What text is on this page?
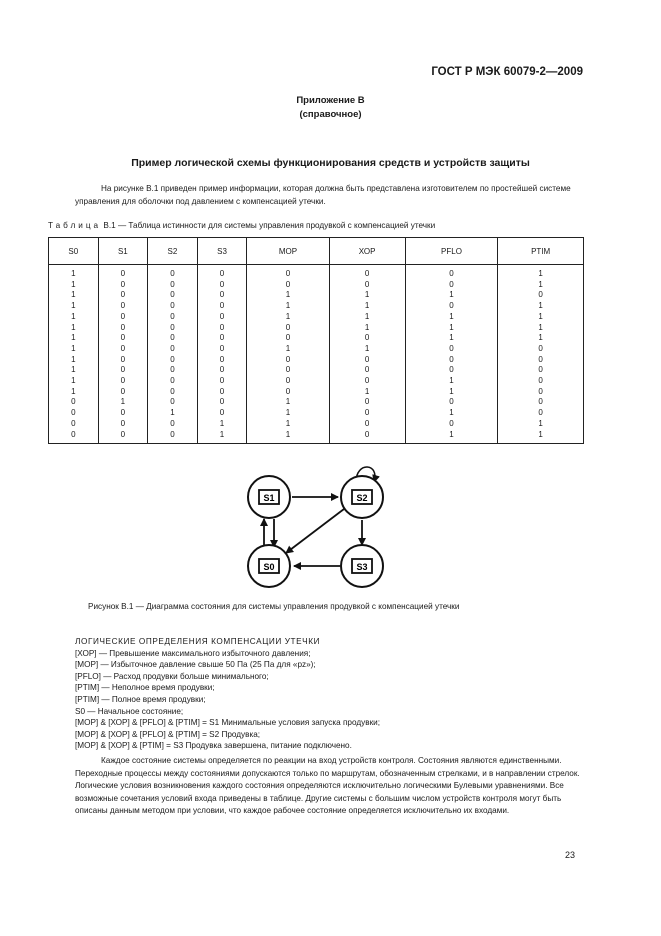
ГОСТ Р МЭК 60079-2—2009
Приложение В
(справочное)
Пример логической схемы функционирования средств и устройств защиты
На рисунке В.1 приведен пример информации, которая должна быть представлена изготовителем по простейшей системе управления для оболочки под давлением с компенсацией утечки.
Таблица В.1 — Таблица истинности для системы управления продувкой с компенсацией утечки
S0	S1	S2	S3	МОР	ХОР	PFLO	PTIM
1	0	0	0	0	0	0	1
1	0	0	0	0	0	0	1
1	0	0	0	1	1	1	0
1	0	0	0	1	1	0	1
1	0	0	0	1	1	1	1
1	0	0	0	0	1	1	1
1	0	0	0	0	0	1	1
1	0	0	0	1	1	0	0
1	0	0	0	0	0	0	0
1	0	0	0	0	0	0	0
1	0	0	0	0	0	1	0
1	0	0	0	0	1	1	0
0	1	0	0	1	0	0	0
0	0	1	0	1	0	1	0
0	0	0	1	1	0	0	1
0	0	0	1	1	0	1	1
S1	S2
S0	S3
Рисунок В.1 — Диаграмма состояния для системы управления продувкой с компенсацией утечки
ЛОГИЧЕСКИЕ ОПРЕДЕЛЕНИЯ КОМПЕНСАЦИИ УТЕЧКИ
[ХОР] — Превышение максимального избыточного давления;
[МОР] — Избыточное давление свыше 50 Па (25 Па для «pz»);
[PFLO] — Расход продувки больше минимального;
[PTIM] — Неполное время продувки;
[PTIM] — Полное время продувки;
S0 — Начальное состояние;
[МОР] & [ХОР] & [PFLO] & [PTIM] = S1 Минимальные условия запуска продувки;
[МОР] & [ХОР] & [PFLO] & [PTIM] = S2 Продувка;
[МОР] & [ХОР] & [PTIM] = S3 Продувка завершена, питание подключено.
Каждое состояние системы определяется по реакции на вход устройств контроля. Состояния являются единственными. Переходные процессы между состояниями допускаются только по маршрутам, обозначенным стрелками, и в направлении стрелок. Логические условия возникновения каждого состояния определяются исключительно логическими Булевыми уравнениями. Все возможные сочетания условий входа приведены в таблице. Другие системы с большим числом устройств контроля могут быть описаны данным методом при условии, что каждое рабочее состояние определяется исключительно их входами.
23
